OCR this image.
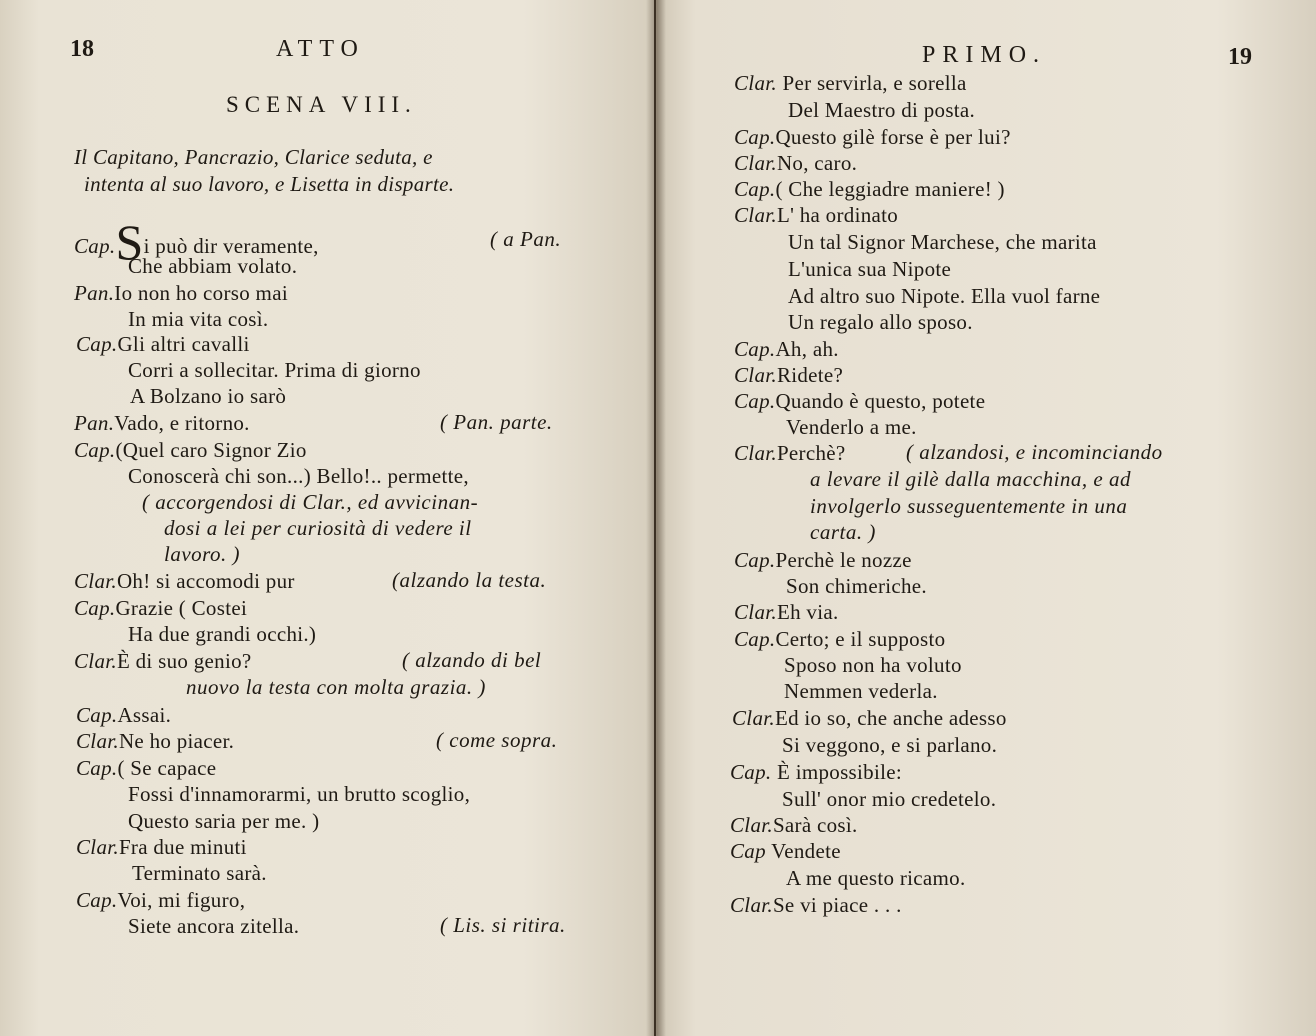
18	ATTO
SCENA VIII.
Il Capitano, Pancrazio, Clarice seduta, e
intenta al suo lavoro, e Lisetta in disparte.
Cap.Si può dir veramente,	( a Pan.
Che abbiam volato.
Pan.Io non ho corso mai
In mia vita così.
Cap.Gli altri cavalli
Corri a sollecitar. Prima di giorno
A Bolzano io sarò
Pan.Vado, e ritorno.	( Pan. parte.
Cap.(Quel caro Signor Zio
Conoscerà chi son...) Bello!.. permette,
( accorgendosi di Clar., ed avvicinan-
dosi a lei per curiosità di vedere il
lavoro. )
Clar.Oh! si accomodi pur	(alzando la testa.
Cap.Grazie ( Costei
Ha due grandi occhi.)
Clar.È di suo genio?	( alzando di bel
nuovo la testa con molta grazia. )
Cap.Assai.
Clar.Ne ho piacer.	( come sopra.
Cap.( Se capace
Fossi d'innamorarmi, un brutto scoglio,
Questo saria per me. )
Clar.Fra due minuti
Terminato sarà.
Cap.Voi, mi figuro,
Siete ancora zitella.	( Lis. si ritira.
PRIMO.	19
Clar. Per servirla, e sorella
Del Maestro di posta.
Cap.Questo gilè forse è per lui?
Clar.No, caro.
Cap.( Che leggiadre maniere! )
Clar.L' ha ordinato
Un tal Signor Marchese, che marita
L'unica sua Nipote
Ad altro suo Nipote. Ella vuol farne
Un regalo allo sposo.
Cap.Ah, ah.
Clar.Ridete?
Cap.Quando è questo, potete
Venderlo a me.
Clar.Perchè?	( alzandosi, e incominciando
a levare il gilè dalla macchina, e ad
involgerlo susseguentemente in una
carta. )
Cap.Perchè le nozze
Son chimeriche.
Clar.Eh via.
Cap.Certo; e il supposto
Sposo non ha voluto
Nemmen vederla.
Clar.Ed io so, che anche adesso
Si veggono, e si parlano.
Cap. È impossibile:
Sull' onor mio credetelo.
Clar.Sarà così.
Cap Vendete
A me questo ricamo.
Clar.Se vi piace . . .
